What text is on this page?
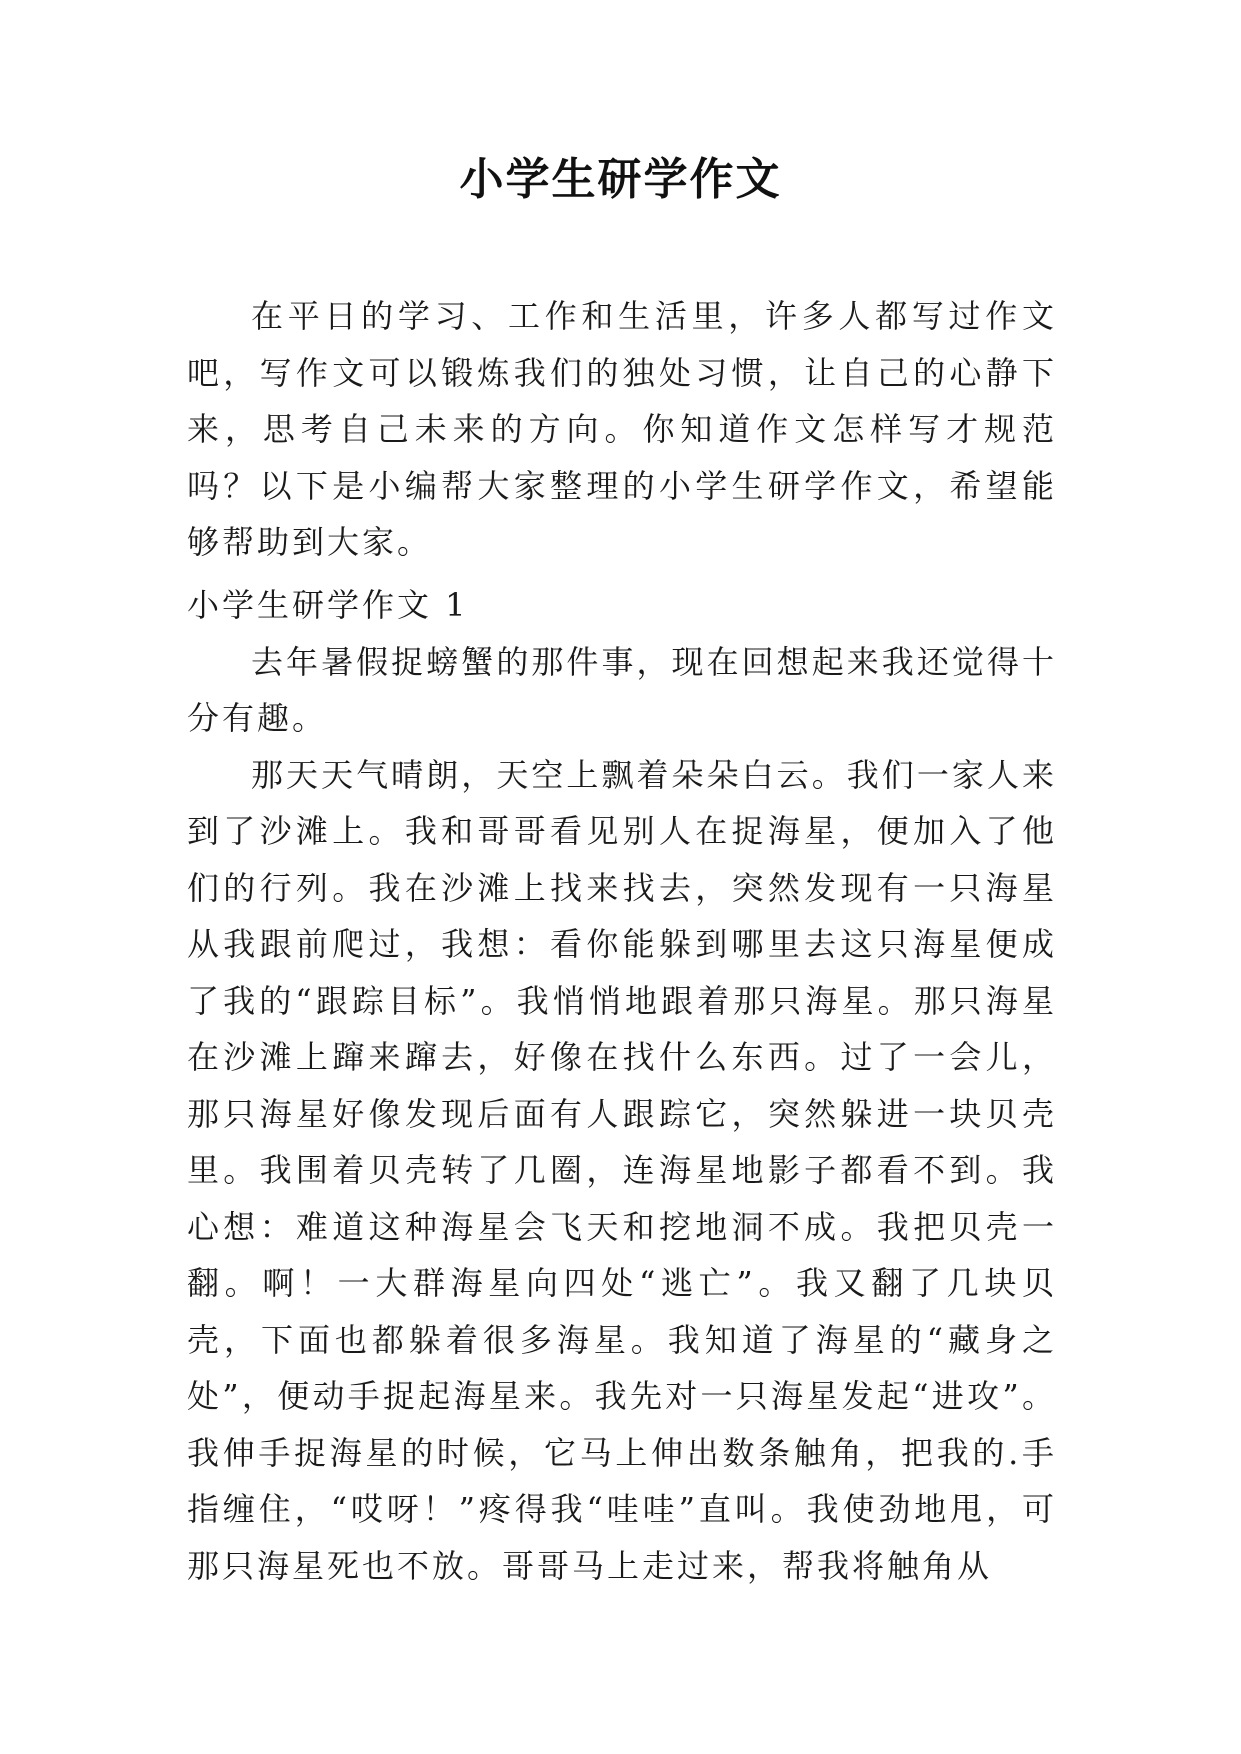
小学生研学作文

在平日的学习、工作和生活里，许多人都写过作文吧，写作文可以锻炼我们的独处习惯，让自己的心静下来，思考自己未来的方向。你知道作文怎样写才规范吗？以下是小编帮大家整理的小学生研学作文，希望能够帮助到大家。

小学生研学作文 1

去年暑假捉螃蟹的那件事，现在回想起来我还觉得十分有趣。

那天天气晴朗，天空上飘着朵朵白云。我们一家人来到了沙滩上。我和哥哥看见别人在捉海星，便加入了他们的行列。我在沙滩上找来找去，突然发现有一只海星从我跟前爬过，我想：看你能躲到哪里去这只海星便成了我的“跟踪目标”。我悄悄地跟着那只海星。那只海星在沙滩上蹿来蹿去，好像在找什么东西。过了一会儿，那只海星好像发现后面有人跟踪它，突然躲进一块贝壳里。我围着贝壳转了几圈，连海星地影子都看不到。我心想：难道这种海星会飞天和挖地洞不成。我把贝壳一翻。啊！一大群海星向四处“逃亡”。我又翻了几块贝壳，下面也都躲着很多海星。我知道了海星的“藏身之处”，便动手捉起海星来。我先对一只海星发起“进攻”。我伸手捉海星的时候，它马上伸出数条触角，把我的.手指缠住，“哎呀！”疼得我“哇哇”直叫。我使劲地甩，可那只海星死也不放。哥哥马上走过来，帮我将触角从
